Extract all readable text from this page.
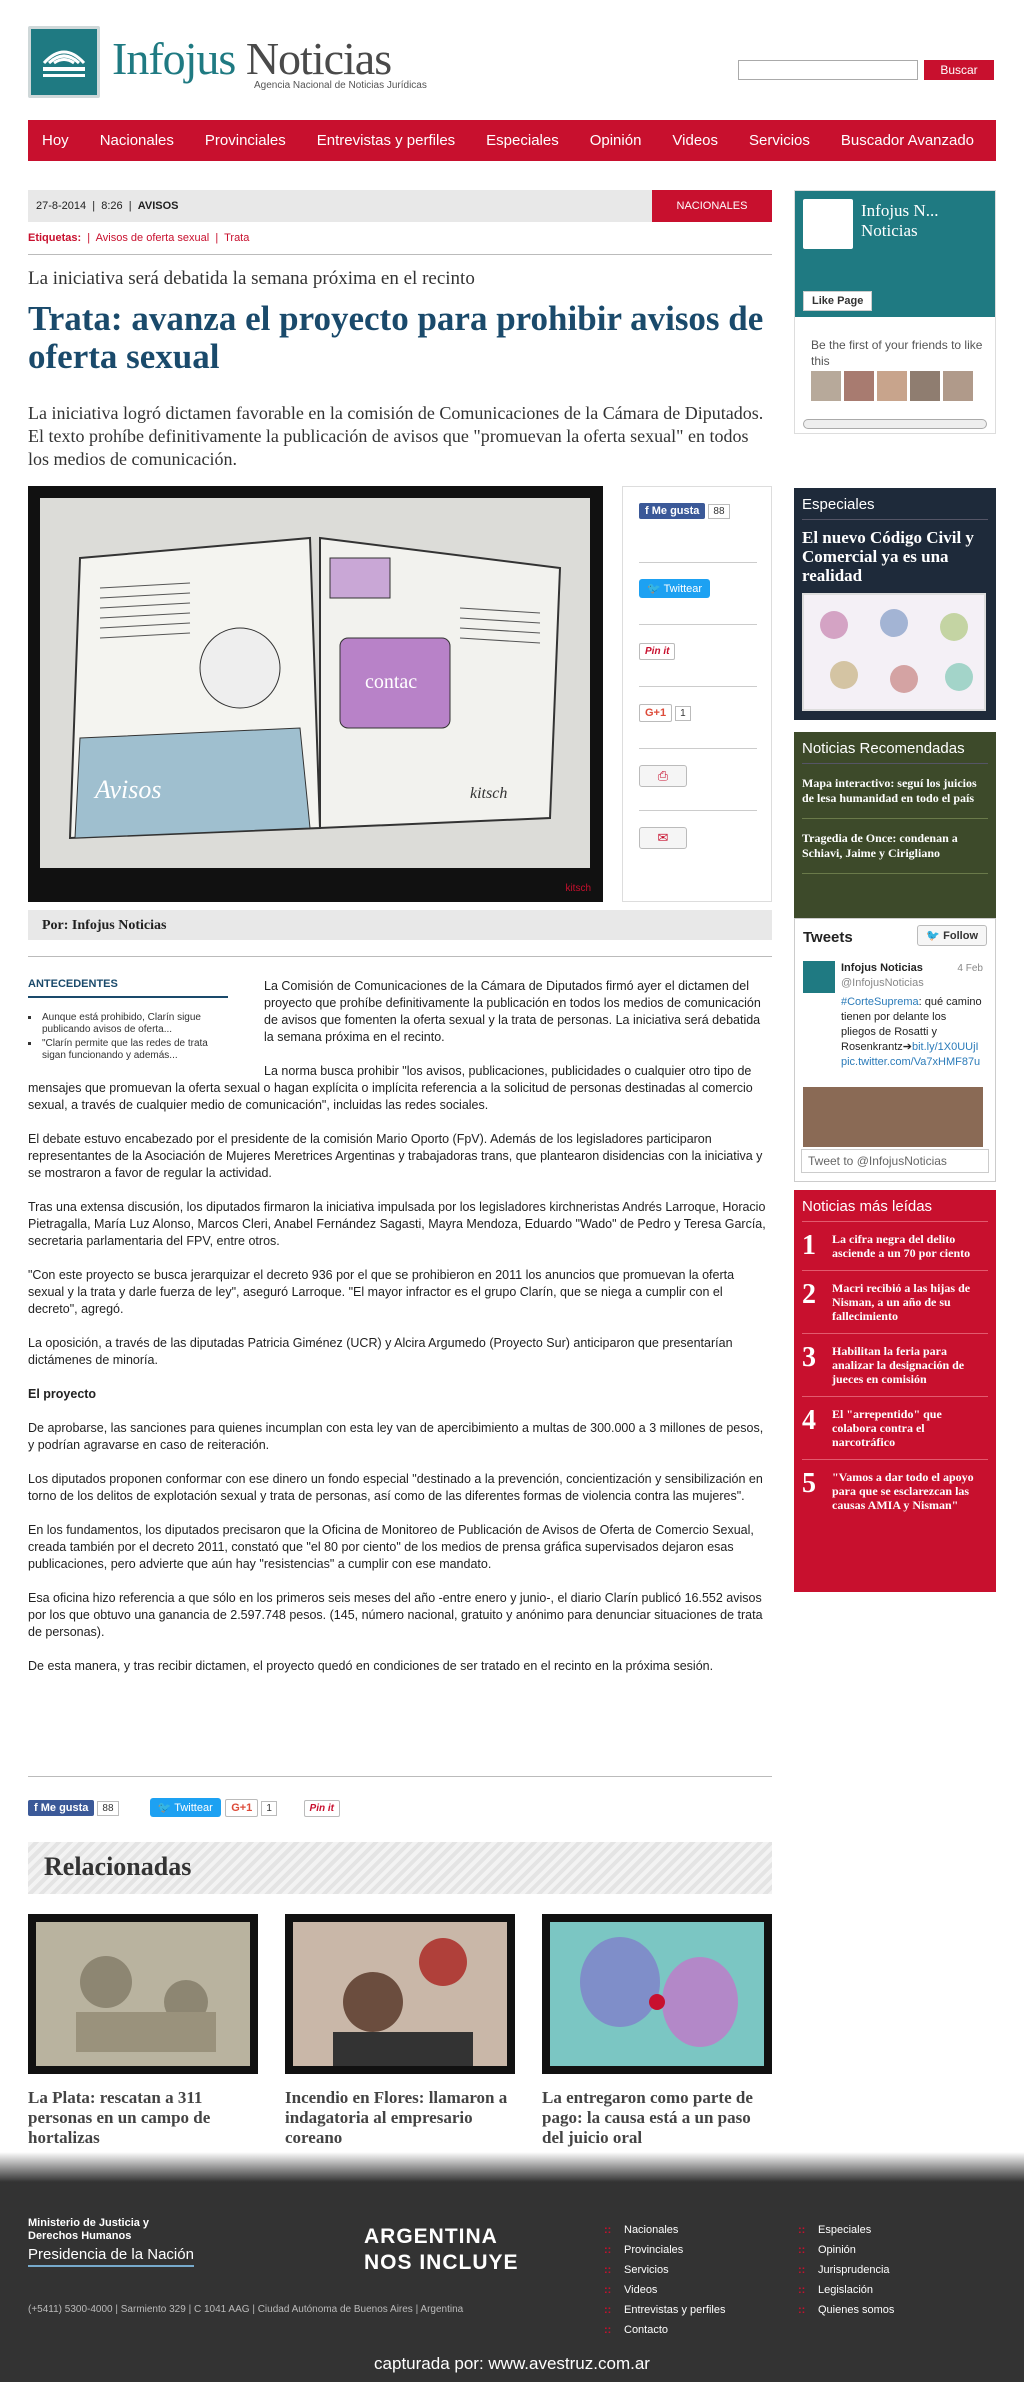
Infojus Noticias
Agencia Nacional de Noticias Jurídicas
Buscar
Hoy Nacionales Provinciales Entrevistas y perfiles Especiales Opinión Videos Servicios Buscador Avanzado
27-8-2014  |  8:26  |  AVISOS	NACIONALES
Etiquetas:  |  Avisos de oferta sexual  |  Trata
La iniciativa será debatida la semana próxima en el recinto
Trata: avanza el proyecto para prohibir avisos de oferta sexual
La iniciativa logró dictamen favorable en la comisión de Comunicaciones de la Cámara de Diputados. El texto prohíbe definitivamente la publicación de avisos que "promuevan la oferta sexual" en todos los medios de comunicación.
contac
Avisos	kitsch
kitsch
f Me gusta 88
🐦 Twittear
Pin it
G+1 1
⎙
✉
Por: Infojus Noticias

La Comisión de Comunicaciones de la Cámara de Diputados firmó ayer el dictamen del proyecto que prohíbe definitivamente la publicación en todos los medios de comunicación de avisos que fomenten la oferta sexual y la trata de personas. La iniciativa será debatida la semana próxima en el recinto.

La norma busca prohibir "los avisos, publicaciones, publicidades o cualquier otro tipo de mensajes que promuevan la oferta sexual o hagan explícita o implícita referencia a la solicitud de personas destinadas al comercio sexual, a través de cualquier medio de comunicación", incluidas las redes sociales.

El debate estuvo encabezado por el presidente de la comisión Mario Oporto (FpV). Además de los legisladores participaron representantes de la Asociación de Mujeres Meretrices Argentinas y trabajadoras trans, que plantearon disidencias con la iniciativa y se mostraron a favor de regular la actividad.

Tras una extensa discusión, los diputados firmaron la iniciativa impulsada por los legisladores kirchneristas Andrés Larroque, Horacio Pietragalla, María Luz Alonso, Marcos Cleri, Anabel Fernández Sagasti, Mayra Mendoza, Eduardo "Wado" de Pedro y Teresa García, secretaria parlamentaria del FPV, entre otros.

"Con este proyecto se busca jerarquizar el decreto 936 por el que se prohibieron en 2011 los anuncios que promuevan la oferta sexual y la trata y darle fuerza de ley", aseguró Larroque. "El mayor infractor es el grupo Clarín, que se niega a cumplir con el decreto", agregó.

La oposición, a través de las diputadas Patricia Giménez (UCR) y Alcira Argumedo (Proyecto Sur) anticiparon que presentarían dictámenes de minoría.

El proyecto

De aprobarse, las sanciones para quienes incumplan con esta ley van de apercibimiento a multas de 300.000 a 3 millones de pesos, y podrían agravarse en caso de reiteración.

Los diputados proponen conformar con ese dinero un fondo especial "destinado a la prevención, concientización y sensibilización en torno de los delitos de explotación sexual y trata de personas, así como de las diferentes formas de violencia contra las mujeres".

En los fundamentos, los diputados precisaron que la Oficina de Monitoreo de Publicación de Avisos de Oferta de Comercio Sexual, creada también por el decreto 2011, constató que "el 80 por ciento" de los medios de prensa gráfica supervisados dejaron esas publicaciones, pero advierte que aún hay "resistencias" a cumplir con ese mandato.

Esa oficina hizo referencia a que sólo en los primeros seis meses del año -entre enero y junio-, el diario Clarín publicó 16.552 avisos por los que obtuvo una ganancia de 2.597.748 pesos. (145, número nacional, gratuito y anónimo para denunciar situaciones de trata de personas).

De esta manera, y tras recibir dictamen, el proyecto quedó en condiciones de ser tratado en el recinto en la próxima sesión.

ANTECEDENTES
▪ Aunque está prohibido, Clarín sigue publicando avisos de oferta...
▪ "Clarín permite que las redes de trata sigan funcionando y además...
f Me gusta 88	🐦 Twittear G+1 1	Pin it
Relacionadas
La Plata: rescatan a 311 personas en un campo de hortalizas
Incendio en Flores: llamaron a indagatoria al empresario coreano
La entregaron como parte de pago: la causa está a un paso del juicio oral
Infojus N... Noticias
Like Page
Be the first of your friends to like this
Especiales
El nuevo Código Civil y Comercial ya es una realidad
Noticias Recomendadas
Mapa interactivo: seguí los juicios de lesa humanidad en todo el país
Tragedia de Once: condenan a Schiavi, Jaime y Cirigliano
Tweets	🐦 Follow
4 Feb
Infojus Noticias
@InfojusNoticias
#CorteSuprema: qué camino tienen por delante los pliegos de Rosatti y Rosenkrantz➔bit.ly/1X0UUjI pic.twitter.com/Va7xHMF87u
Tweet to @InfojusNoticias
Noticias más leídas
1	La cifra negra del delito asciende a un 70 por ciento
2	Macri recibió a las hijas de Nisman, a un año de su fallecimiento
3	Habilitan la feria para analizar la designación de jueces en comisión
4	El "arrepentido" que colabora contra el narcotráfico
5	"Vamos a dar todo el apoyo para que se esclarezcan las causas AMIA y Nisman"
Ministerio de Justicia y Derechos Humanos
Presidencia de la Nación
ARGENTINA
NOS INCLUYE
(+5411) 5300-4000 | Sarmiento 329 | C 1041 AAG | Ciudad Autónoma de Buenos Aires | Argentina
:: Nacionales
:: Provinciales
:: Servicios
:: Videos
:: Entrevistas y perfiles
:: Contacto
:: Especiales
:: Opinión
:: Jurisprudencia
:: Legislación
:: Quienes somos
capturada por: www.avestruz.com.ar
